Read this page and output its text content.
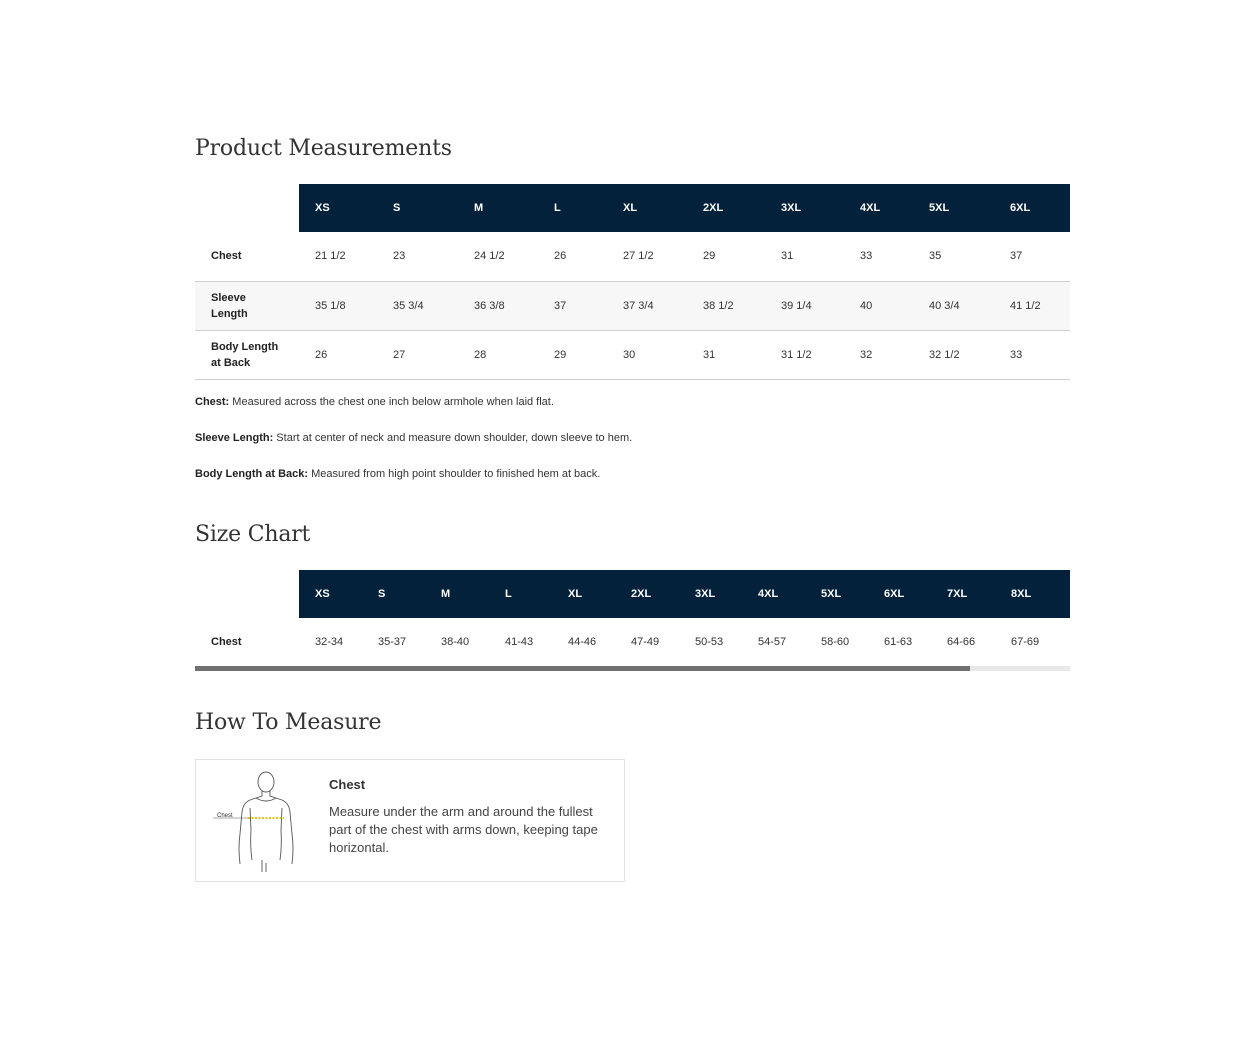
Product Measurements
	XS	S	M	L	XL	2XL	3XL	4XL	5XL	6XL
Chest	21 1/2	23	24 1/2	26	27 1/2	29	31	33	35	37
Sleeve Length	35 1/8	35 3/4	36 3/8	37	37 3/4	38 1/2	39 1/4	40	40 3/4	41 1/2
Body Length at Back	26	27	28	29	30	31	31 1/2	32	32 1/2	33

Chest: Measured across the chest one inch below armhole when laid flat.

Sleeve Length: Start at center of neck and measure down shoulder, down sleeve to hem.

Body Length at Back: Measured from high point shoulder to finished hem at back.

Size Chart
	XS	S	M	L	XL	2XL	3XL	4XL	5XL	6XL	7XL	8XL
Chest	32-34	35-37	38-40	41-43	44-46	47-49	50-53	54-57	58-60	61-63	64-66	67-69
How To Measure
Chest
Chest
Measure under the arm and around the fullest part of the chest with arms down, keeping tape horizontal.
